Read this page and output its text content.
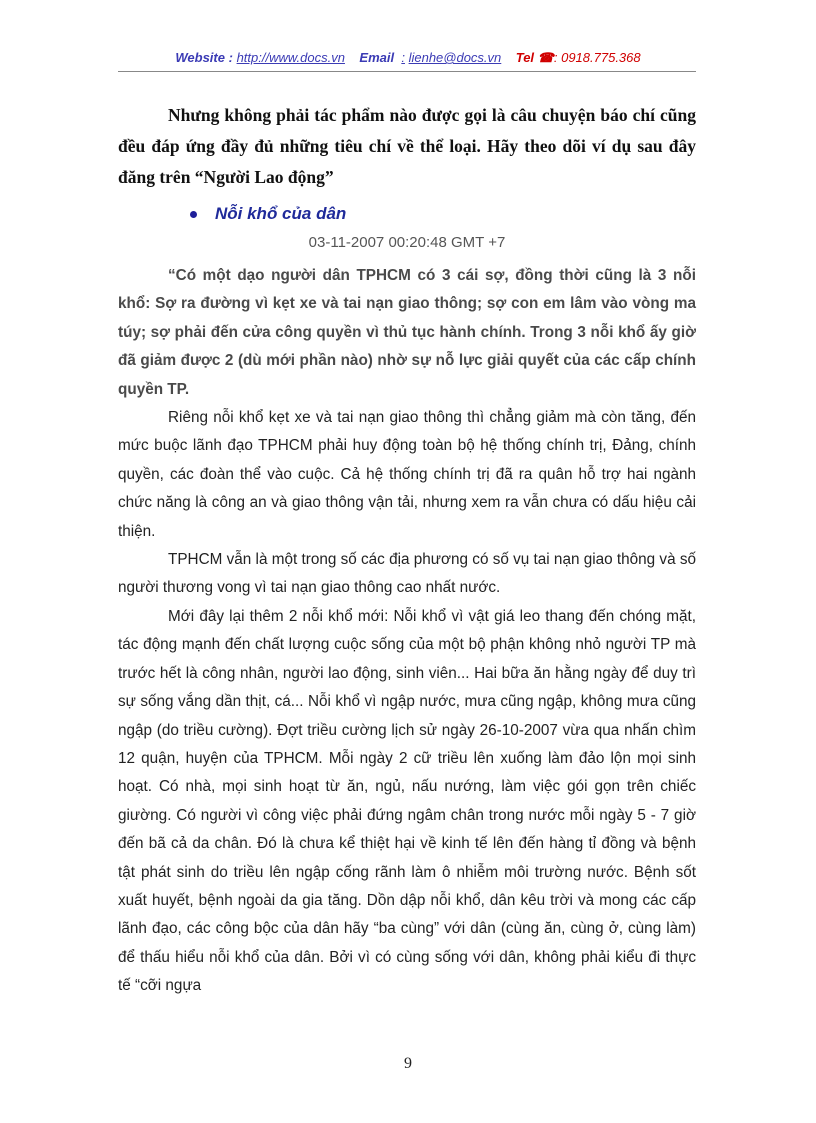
Website : http://www.docs.vn Email : lienhe@docs.vn Tel ☎: 0918.775.368

Nhưng không phải tác phẩm nào được gọi là câu chuyện báo chí cũng đều đáp ứng đầy đủ những tiêu chí về thể loại. Hãy theo dõi ví dụ sau đây đăng trên “Người Lao động”

Nỗi khổ của dân
03-11-2007 00:20:48 GMT +7

“Có một dạo người dân TPHCM có 3 cái sợ, đồng thời cũng là 3 nỗi khổ: Sợ ra đường vì kẹt xe và tai nạn giao thông; sợ con em lâm vào vòng ma túy; sợ phải đến cửa công quyền vì thủ tục hành chính. Trong 3 nỗi khổ ấy giờ đã giảm được 2 (dù mới phần nào) nhờ sự nỗ lực giải quyết của các cấp chính quyền TP.

Riêng nỗi khổ kẹt xe và tai nạn giao thông thì chẳng giảm mà còn tăng, đến mức buộc lãnh đạo TPHCM phải huy động toàn bộ hệ thống chính trị, Đảng, chính quyền, các đoàn thể vào cuộc. Cả hệ thống chính trị đã ra quân hỗ trợ hai ngành chức năng là công an và giao thông vận tải, nhưng xem ra vẫn chưa có dấu hiệu cải thiện.

TPHCM vẫn là một trong số các địa phương có số vụ tai nạn giao thông và số người thương vong vì tai nạn giao thông cao nhất nước.

Mới đây lại thêm 2 nỗi khổ mới: Nỗi khổ vì vật giá leo thang đến chóng mặt, tác động mạnh đến chất lượng cuộc sống của một bộ phận không nhỏ người TP mà trước hết là công nhân, người lao động, sinh viên... Hai bữa ăn hằng ngày để duy trì sự sống vắng dần thịt, cá... Nỗi khổ vì ngập nước, mưa cũng ngập, không mưa cũng ngập (do triều cường). Đợt triều cường lịch sử ngày 26-10-2007 vừa qua nhấn chìm 12 quận, huyện của TPHCM. Mỗi ngày 2 cữ triều lên xuống làm đảo lộn mọi sinh hoạt. Có nhà, mọi sinh hoạt từ ăn, ngủ, nấu nướng, làm việc gói gọn trên chiếc giường. Có người vì công việc phải đứng ngâm chân trong nước mỗi ngày 5 - 7 giờ đến bã cả da chân. Đó là chưa kể thiệt hại về kinh tế lên đến hàng tỉ đồng và bệnh tật phát sinh do triều lên ngập cống rãnh làm ô nhiễm môi trường nước. Bệnh sốt xuất huyết, bệnh ngoài da gia tăng. Dồn dập nỗi khổ, dân kêu trời và mong các cấp lãnh đạo, các công bộc của dân hãy “ba cùng” với dân (cùng ăn, cùng ở, cùng làm) để thấu hiểu nỗi khổ của dân. Bởi vì có cùng sống với dân, không phải kiểu đi thực tế “cỡi ngựa

9
